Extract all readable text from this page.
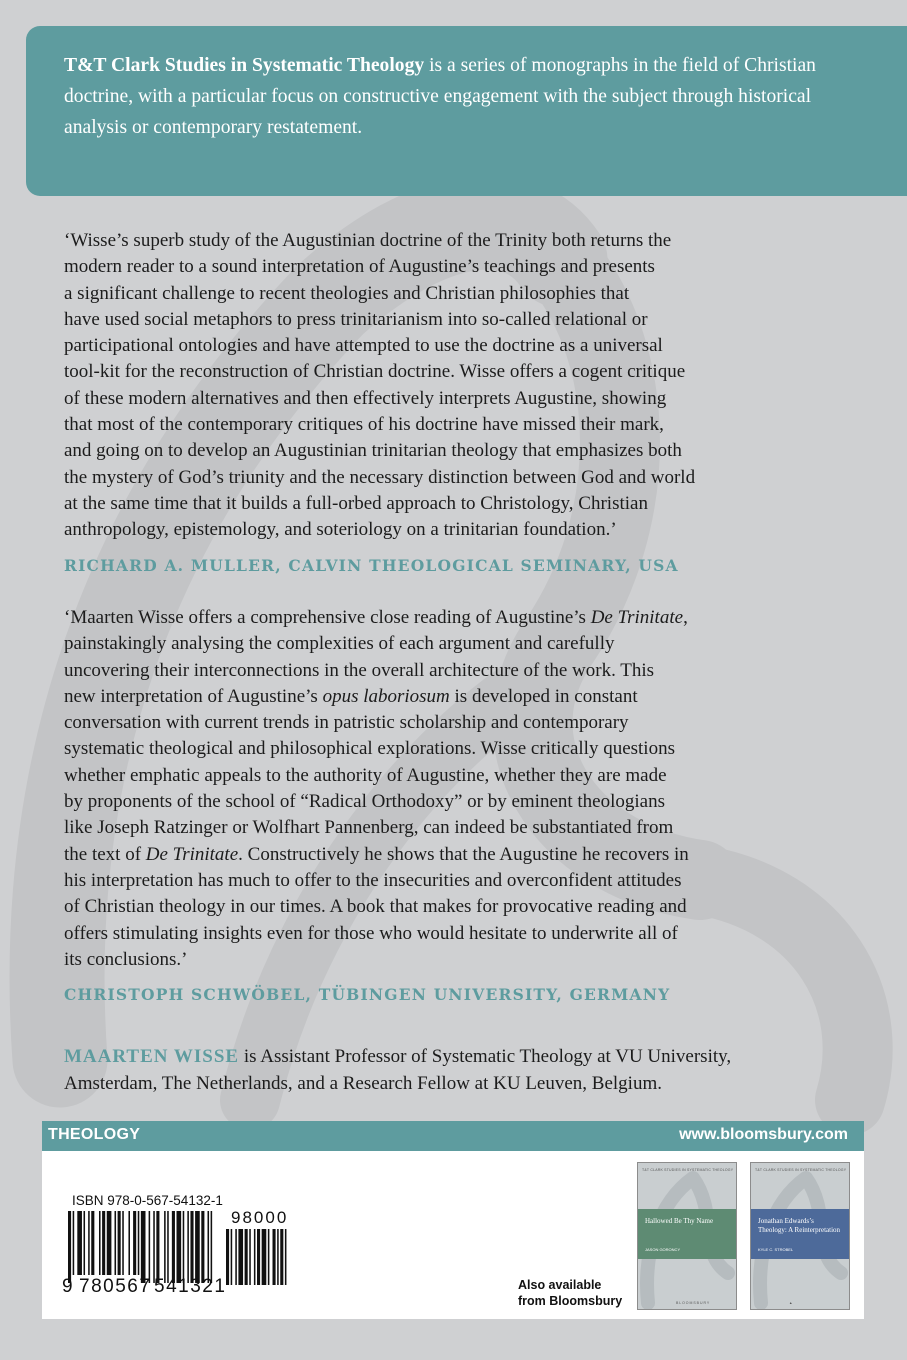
T&T Clark Studies in Systematic Theology is a series of monographs in the field of Christian doctrine, with a particular focus on constructive engagement with the subject through historical analysis or contemporary restatement.
‘Wisse’s superb study of the Augustinian doctrine of the Trinity both returns the
modern reader to a sound interpretation of Augustine’s teachings and presents
a significant challenge to recent theologies and Christian philosophies that
have used social metaphors to press trinitarianism into so-called relational or
participational ontologies and have attempted to use the doctrine as a universal
tool-kit for the reconstruction of Christian doctrine. Wisse offers a cogent critique
of these modern alternatives and then effectively interprets Augustine, showing
that most of the contemporary critiques of his doctrine have missed their mark,
and going on to develop an Augustinian trinitarian theology that emphasizes both
the mystery of God’s triunity and the necessary distinction between God and world
at the same time that it builds a full-orbed approach to Christology, Christian
anthropology, epistemology, and soteriology on a trinitarian foundation.’
RICHARD A. MULLER, CALVIN THEOLOGICAL SEMINARY, USA
‘Maarten Wisse offers a comprehensive close reading of Augustine’s De Trinitate,
painstakingly analysing the complexities of each argument and carefully
uncovering their interconnections in the overall architecture of the work. This
new interpretation of Augustine’s opus laboriosum is developed in constant
conversation with current trends in patristic scholarship and contemporary
systematic theological and philosophical explorations. Wisse critically questions
whether emphatic appeals to the authority of Augustine, whether they are made
by proponents of the school of “Radical Orthodoxy” or by eminent theologians
like Joseph Ratzinger or Wolfhart Pannenberg, can indeed be substantiated from
the text of De Trinitate. Constructively he shows that the Augustine he recovers in
his interpretation has much to offer to the insecurities and overconfident attitudes
of Christian theology in our times. A book that makes for provocative reading and
offers stimulating insights even for those who would hesitate to underwrite all of
its conclusions.’
CHRISTOPH SCHWÖBEL, TÜBINGEN UNIVERSITY, GERMANY
MAARTEN WISSE is Assistant Professor of Systematic Theology at VU University,
Amsterdam, The Netherlands, and a Research Fellow at KU Leuven, Belgium.
THEOLOGY	www.bloomsbury.com
ISBN 978-0-567-54132-1
98000
9 780567 541321	Also available
from Bloomsbury
T&T CLARK STUDIES IN SYSTEMATIC THEOLOGY
Hallowed Be Thy Name
JASON GORONCY
B L O O M S B U R Y
T&T CLARK STUDIES IN SYSTEMATIC THEOLOGY
Jonathan Edwards’s Theology: A Reinterpretation
KYLE C. STROBEL
▲
